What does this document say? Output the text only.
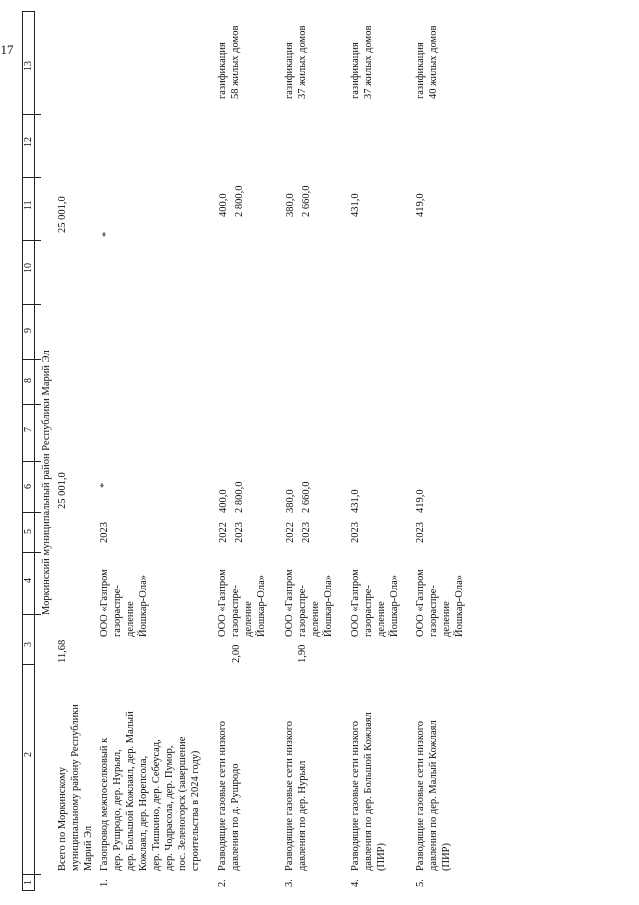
1
2
3
4
5
6
7
8
9
10
11
12
13
17
Моркинский муниципальный район Республики Марий Эл
Всего по Моркинскому
муниципальному району Республики
Марий Эл
11,68
25 001,0
25 001,0
1.
Газопровод межпоселковый к
дер. Рушродо, дер. Нурьял,
дер. Большой Кожлаял, дер. Малый
Кожлаял, дер. Норепсола,
дер. Тишкино, дер. Себеусад,
дер. Чодрасола, дер. Пумор,
пос. Зеленогорск (завершение
строительства в 2024 году)
ООО «Газпром
газораспре-
деление
Йошкар-Ола»
2023
*
*
2.
Разводящие газовые сети низкого
давления по д. Рушродо
2,00
ООО «Газпром
газораспре-
деление
Йошкар-Ола»
2022
2023
400,0
2 800,0
400,0
2 800,0
газификация
58 жилых домов
3.
Разводящие газовые сети низкого
давления по дер. Нурьял
1,90
ООО «Газпром
газораспре-
деление
Йошкар-Ола»
2022
2023
380,0
2 660,0
380,0
2 660,0
газификация
37 жилых домов
4.
Разводящие газовые сети низкого
давления по дер. Большой Кожлаял
(ПИР)
ООО «Газпром
газораспре-
деление
Йошкар-Ола»
2023
431,0
431,0
газификация
37 жилых домов
5.
Разводящие газовые сети низкого
давления по дер. Малый Кожлаял
(ПИР)
ООО «Газпром
газораспре-
деление
Йошкар-Ола»
2023
419,0
419,0
газификация
40 жилых домов
